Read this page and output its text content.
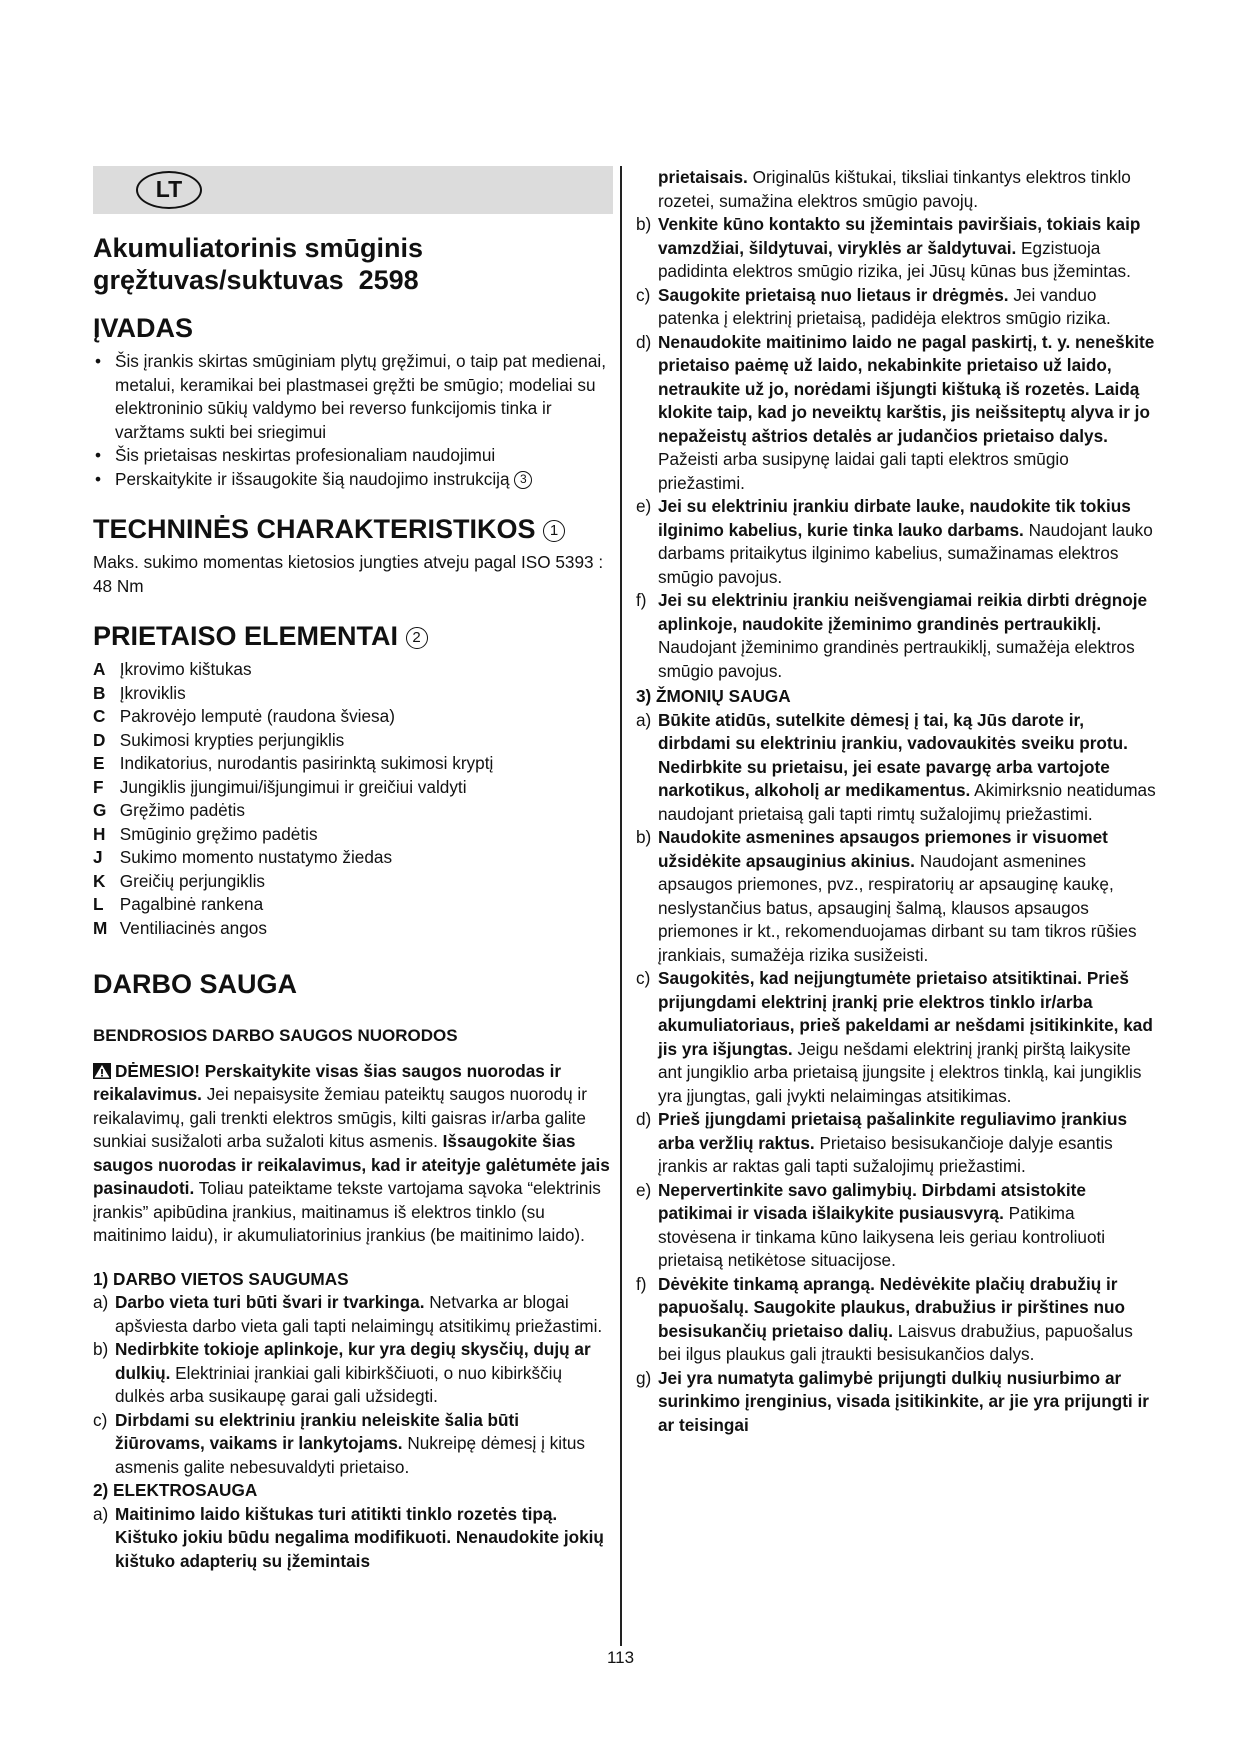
LT
Akumuliatorinis smūginis
gręžtuvas/suktuvas  2598
ĮVADAS
• Šis įrankis skirtas smūginiam plytų gręžimui, o taip pat medienai, metalui, keramikai bei plastmasei gręžti be smūgio; modeliai su elektroninio sūkių valdymo bei reverso funkcijomis tinka ir varžtams sukti bei sriegimui
• Šis prietaisas neskirtas profesionaliam naudojimui
• Perskaitykite ir išsaugokite šią naudojimo instrukciją 3
TECHNINĖS CHARAKTERISTIKOS 1

Maks. sukimo momentas kietosios jungties atveju pagal ISO 5393 : 48 Nm

PRIETAISO ELEMENTAI 2
A Įkrovimo kištukas
B Įkroviklis
C Pakrovėjo lemputė (raudona šviesa)
D Sukimosi krypties perjungiklis
E Indikatorius, nurodantis pasirinktą sukimosi kryptį
F Jungiklis įjungimui/išjungimui ir greičiui valdyti
G Gręžimo padėtis
H Smūginio gręžimo padėtis
J Sukimo momento nustatymo žiedas
K Greičių perjungiklis
L Pagalbinė rankena
M Ventiliacinės angos
DARBO SAUGA
BENDROSIOS DARBO SAUGOS NUORODOS

DĖMESIO! Perskaitykite visas šias saugos nuorodas ir reikalavimus. Jei nepaisysite žemiau pateiktų saugos nuorodų ir reikalavimų, gali trenkti elektros smūgis, kilti gaisras ir/arba galite sunkiai susižaloti arba sužaloti kitus asmenis. Išsaugokite šias saugos nuorodas ir reikalavimus, kad ir ateityje galėtumėte jais pasinaudoti. Toliau pateiktame tekste vartojama sąvoka “elektrinis įrankis” apibūdina įrankius, maitinamus iš elektros tinklo (su maitinimo laidu), ir akumuliatorinius įrankius (be maitinimo laido).

1) DARBO VIETOS SAUGUMAS
a) Darbo vieta turi būti švari ir tvarkinga. Netvarka ar blogai apšviesta darbo vieta gali tapti nelaimingų atsitikimų priežastimi.
b) Nedirbkite tokioje aplinkoje, kur yra degių skysčių, dujų ar dulkių. Elektriniai įrankiai gali kibirkščiuoti, o nuo kibirkščių dulkės arba susikaupę garai gali užsidegti.
c) Dirbdami su elektriniu įrankiu neleiskite šalia būti žiūrovams, vaikams ir lankytojams. Nukreipę dėmesį į kitus asmenis galite nebesuvaldyti prietaiso.
2) ELEKTROSAUGA
a) Maitinimo laido kištukas turi atitikti tinklo rozetės tipą. Kištuko jokiu būdu negalima modifikuoti. Nenaudokite jokių kištuko adapterių su įžemintais
prietaisais. Originalūs kištukai, tiksliai tinkantys elektros tinklo rozetei, sumažina elektros smūgio pavojų.
b) Venkite kūno kontakto su įžemintais paviršiais, tokiais kaip vamzdžiai, šildytuvai, viryklės ar šaldytuvai. Egzistuoja padidinta elektros smūgio rizika, jei Jūsų kūnas bus įžemintas.
c) Saugokite prietaisą nuo lietaus ir drėgmės. Jei vanduo patenka į elektrinį prietaisą, padidėja elektros smūgio rizika.
d) Nenaudokite maitinimo laido ne pagal paskirtį, t. y. neneškite prietaiso paėmę už laido, nekabinkite prietaiso už laido, netraukite už jo, norėdami išjungti kištuką iš rozetės. Laidą klokite taip, kad jo neveiktų karštis, jis neišsiteptų alyva ir jo nepažeistų aštrios detalės ar judančios prietaiso dalys. Pažeisti arba susipynę laidai gali tapti elektros smūgio priežastimi.
e) Jei su elektriniu įrankiu dirbate lauke, naudokite tik tokius ilginimo kabelius, kurie tinka lauko darbams. Naudojant lauko darbams pritaikytus ilginimo kabelius, sumažinamas elektros smūgio pavojus.
f) Jei su elektriniu įrankiu neišvengiamai reikia dirbti drėgnoje aplinkoje, naudokite įžeminimo grandinės pertraukiklį. Naudojant įžeminimo grandinės pertraukiklį, sumažėja elektros smūgio pavojus.
3) ŽMONIŲ SAUGA
a) Būkite atidūs, sutelkite dėmesį į tai, ką Jūs darote ir, dirbdami su elektriniu įrankiu, vadovaukitės sveiku protu. Nedirbkite su prietaisu, jei esate pavargę arba vartojote narkotikus, alkoholį ar medikamentus. Akimirksnio neatidumas naudojant prietaisą gali tapti rimtų sužalojimų priežastimi.
b) Naudokite asmenines apsaugos priemones ir visuomet užsidėkite apsauginius akinius. Naudojant asmenines apsaugos priemones, pvz., respiratorių ar apsauginę kaukę, neslystančius batus, apsauginį šalmą, klausos apsaugos priemones ir kt., rekomenduojamas dirbant su tam tikros rūšies įrankiais, sumažėja rizika susižeisti.
c) Saugokitės, kad neįjungtumėte prietaiso atsitiktinai. Prieš prijungdami elektrinį įrankį prie elektros tinklo ir/arba akumuliatoriaus, prieš pakeldami ar nešdami įsitikinkite, kad jis yra išjungtas. Jeigu nešdami elektrinį įrankį pirštą laikysite ant jungiklio arba prietaisą įjungsite į elektros tinklą, kai jungiklis yra įjungtas, gali įvykti nelaimingas atsitikimas.
d) Prieš įjungdami prietaisą pašalinkite reguliavimo įrankius arba veržlių raktus. Prietaiso besisukančioje dalyje esantis įrankis ar raktas gali tapti sužalojimų priežastimi.
e) Nepervertinkite savo galimybių. Dirbdami atsistokite patikimai ir visada išlaikykite pusiausvyrą. Patikima stovėsena ir tinkama kūno laikysena leis geriau kontroliuoti prietaisą netikėtose situacijose.
f) Dėvėkite tinkamą aprangą. Nedėvėkite plačių drabužių ir papuošalų. Saugokite plaukus, drabužius ir pirštines nuo besisukančių prietaiso dalių. Laisvus drabužius, papuošalus bei ilgus plaukus gali įtraukti besisukančios dalys.
g) Jei yra numatyta galimybė prijungti dulkių nusiurbimo ar surinkimo įrenginius, visada įsitikinkite, ar jie yra prijungti ir ar teisingai
113
